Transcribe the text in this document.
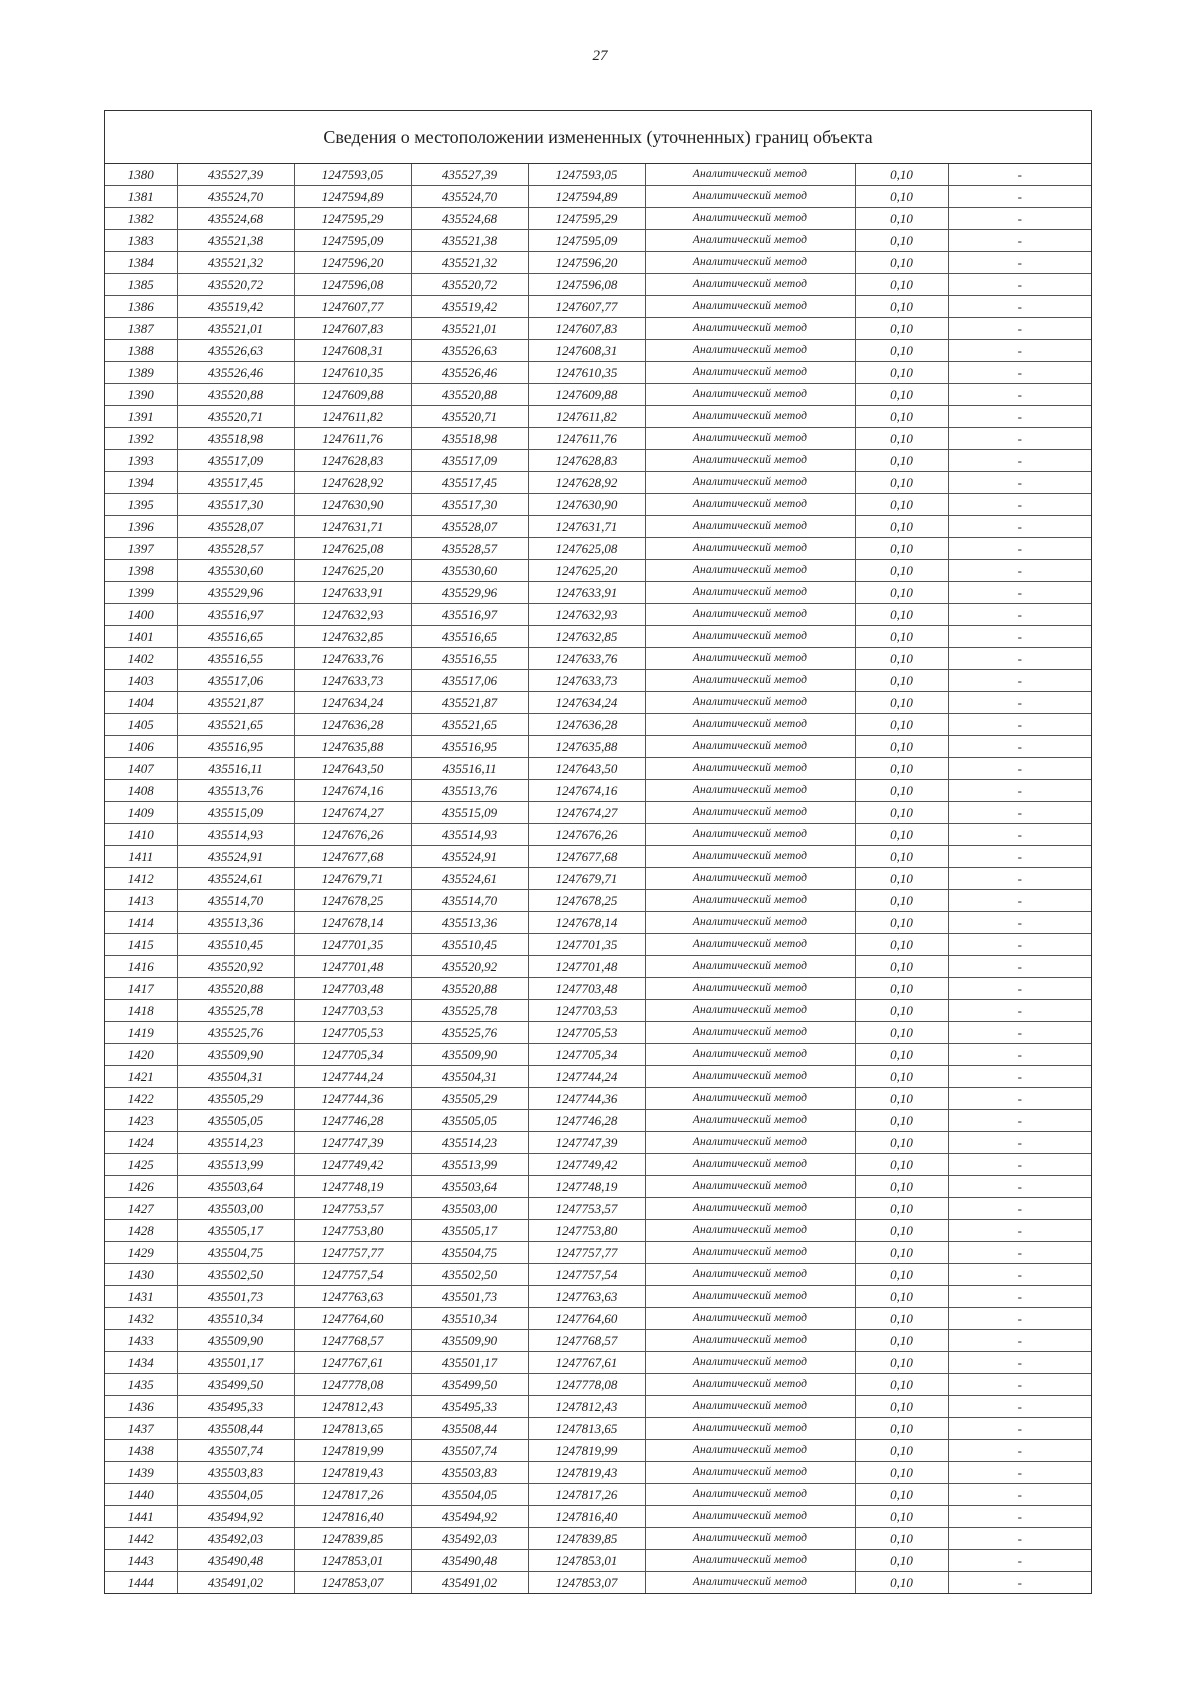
27
Сведения о местоположении измененных (уточненных) границ объекта
1380	435527,39	1247593,05	435527,39	1247593,05	Аналитический метод	0,10	-
1381	435524,70	1247594,89	435524,70	1247594,89	Аналитический метод	0,10	-
1382	435524,68	1247595,29	435524,68	1247595,29	Аналитический метод	0,10	-
1383	435521,38	1247595,09	435521,38	1247595,09	Аналитический метод	0,10	-
1384	435521,32	1247596,20	435521,32	1247596,20	Аналитический метод	0,10	-
1385	435520,72	1247596,08	435520,72	1247596,08	Аналитический метод	0,10	-
1386	435519,42	1247607,77	435519,42	1247607,77	Аналитический метод	0,10	-
1387	435521,01	1247607,83	435521,01	1247607,83	Аналитический метод	0,10	-
1388	435526,63	1247608,31	435526,63	1247608,31	Аналитический метод	0,10	-
1389	435526,46	1247610,35	435526,46	1247610,35	Аналитический метод	0,10	-
1390	435520,88	1247609,88	435520,88	1247609,88	Аналитический метод	0,10	-
1391	435520,71	1247611,82	435520,71	1247611,82	Аналитический метод	0,10	-
1392	435518,98	1247611,76	435518,98	1247611,76	Аналитический метод	0,10	-
1393	435517,09	1247628,83	435517,09	1247628,83	Аналитический метод	0,10	-
1394	435517,45	1247628,92	435517,45	1247628,92	Аналитический метод	0,10	-
1395	435517,30	1247630,90	435517,30	1247630,90	Аналитический метод	0,10	-
1396	435528,07	1247631,71	435528,07	1247631,71	Аналитический метод	0,10	-
1397	435528,57	1247625,08	435528,57	1247625,08	Аналитический метод	0,10	-
1398	435530,60	1247625,20	435530,60	1247625,20	Аналитический метод	0,10	-
1399	435529,96	1247633,91	435529,96	1247633,91	Аналитический метод	0,10	-
1400	435516,97	1247632,93	435516,97	1247632,93	Аналитический метод	0,10	-
1401	435516,65	1247632,85	435516,65	1247632,85	Аналитический метод	0,10	-
1402	435516,55	1247633,76	435516,55	1247633,76	Аналитический метод	0,10	-
1403	435517,06	1247633,73	435517,06	1247633,73	Аналитический метод	0,10	-
1404	435521,87	1247634,24	435521,87	1247634,24	Аналитический метод	0,10	-
1405	435521,65	1247636,28	435521,65	1247636,28	Аналитический метод	0,10	-
1406	435516,95	1247635,88	435516,95	1247635,88	Аналитический метод	0,10	-
1407	435516,11	1247643,50	435516,11	1247643,50	Аналитический метод	0,10	-
1408	435513,76	1247674,16	435513,76	1247674,16	Аналитический метод	0,10	-
1409	435515,09	1247674,27	435515,09	1247674,27	Аналитический метод	0,10	-
1410	435514,93	1247676,26	435514,93	1247676,26	Аналитический метод	0,10	-
1411	435524,91	1247677,68	435524,91	1247677,68	Аналитический метод	0,10	-
1412	435524,61	1247679,71	435524,61	1247679,71	Аналитический метод	0,10	-
1413	435514,70	1247678,25	435514,70	1247678,25	Аналитический метод	0,10	-
1414	435513,36	1247678,14	435513,36	1247678,14	Аналитический метод	0,10	-
1415	435510,45	1247701,35	435510,45	1247701,35	Аналитический метод	0,10	-
1416	435520,92	1247701,48	435520,92	1247701,48	Аналитический метод	0,10	-
1417	435520,88	1247703,48	435520,88	1247703,48	Аналитический метод	0,10	-
1418	435525,78	1247703,53	435525,78	1247703,53	Аналитический метод	0,10	-
1419	435525,76	1247705,53	435525,76	1247705,53	Аналитический метод	0,10	-
1420	435509,90	1247705,34	435509,90	1247705,34	Аналитический метод	0,10	-
1421	435504,31	1247744,24	435504,31	1247744,24	Аналитический метод	0,10	-
1422	435505,29	1247744,36	435505,29	1247744,36	Аналитический метод	0,10	-
1423	435505,05	1247746,28	435505,05	1247746,28	Аналитический метод	0,10	-
1424	435514,23	1247747,39	435514,23	1247747,39	Аналитический метод	0,10	-
1425	435513,99	1247749,42	435513,99	1247749,42	Аналитический метод	0,10	-
1426	435503,64	1247748,19	435503,64	1247748,19	Аналитический метод	0,10	-
1427	435503,00	1247753,57	435503,00	1247753,57	Аналитический метод	0,10	-
1428	435505,17	1247753,80	435505,17	1247753,80	Аналитический метод	0,10	-
1429	435504,75	1247757,77	435504,75	1247757,77	Аналитический метод	0,10	-
1430	435502,50	1247757,54	435502,50	1247757,54	Аналитический метод	0,10	-
1431	435501,73	1247763,63	435501,73	1247763,63	Аналитический метод	0,10	-
1432	435510,34	1247764,60	435510,34	1247764,60	Аналитический метод	0,10	-
1433	435509,90	1247768,57	435509,90	1247768,57	Аналитический метод	0,10	-
1434	435501,17	1247767,61	435501,17	1247767,61	Аналитический метод	0,10	-
1435	435499,50	1247778,08	435499,50	1247778,08	Аналитический метод	0,10	-
1436	435495,33	1247812,43	435495,33	1247812,43	Аналитический метод	0,10	-
1437	435508,44	1247813,65	435508,44	1247813,65	Аналитический метод	0,10	-
1438	435507,74	1247819,99	435507,74	1247819,99	Аналитический метод	0,10	-
1439	435503,83	1247819,43	435503,83	1247819,43	Аналитический метод	0,10	-
1440	435504,05	1247817,26	435504,05	1247817,26	Аналитический метод	0,10	-
1441	435494,92	1247816,40	435494,92	1247816,40	Аналитический метод	0,10	-
1442	435492,03	1247839,85	435492,03	1247839,85	Аналитический метод	0,10	-
1443	435490,48	1247853,01	435490,48	1247853,01	Аналитический метод	0,10	-
1444	435491,02	1247853,07	435491,02	1247853,07	Аналитический метод	0,10	-
